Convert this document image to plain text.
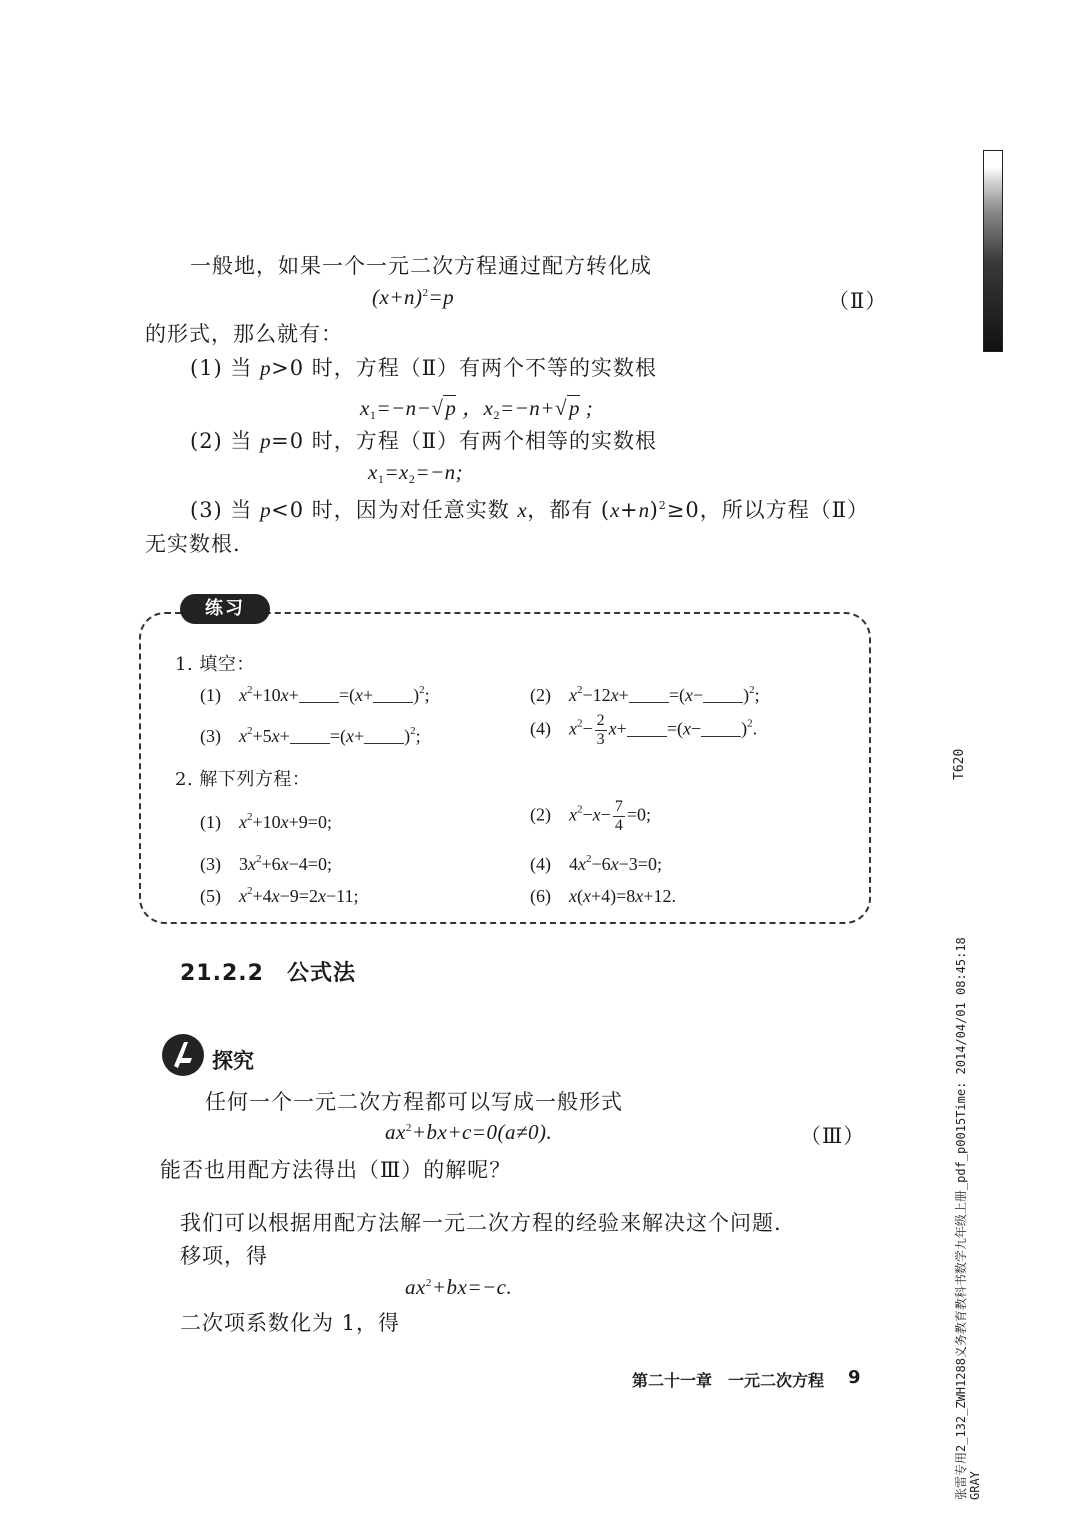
一般地，如果一个一元二次方程通过配方转化成
$(x+n)^2=p$	（Ⅱ）
的形式，那么就有：
(1) 当 p>0 时，方程（Ⅱ）有两个不等的实数根
$x_1=-n-√p$ ，$x_2=-n+√p$ ;
(2) 当 p=0 时，方程（Ⅱ）有两个相等的实数根
$x_1=x_2=-n$;
(3) 当 p<0 时，因为对任意实数 x，都有 $(x+n)^2\ge 0$，所以方程（Ⅱ）
无实数根.
练习
1. 填空：
(1)　$x^2+10x+ =(x+ )^2$;	(2)　$x^2-12x+ =(x- )^2$;
(3)　$x^2+5x+ =(x+ )^2$;	(4)　$x^2- \frac{2}{3} x+ =(x- )^2$.
2. 解下列方程：
(1)　$x^2+10x+9=0$;	(2)　$x^2-x- \frac{7}{4} =0$;
(3)　$3x^2+6x-4=0$;	(4)　$4x^2-6x-3=0$;
(5)　$x^2+4x-9=2x-11$;	(6)　x(x+4)=8x+12.
21.2.2　公式法
探究
任何一个一元二次方程都可以写成一般形式
$ax^2+bx+c=0(a\ne 0)$.	（Ⅲ）
能否也用配方法得出（Ⅲ）的解呢？
我们可以根据用配方法解一元二次方程的经验来解决这个问题.
移项，得
$ax^2+bx=-c$.
二次项系数化为 1，得
第二十一章　一元二次方程 9
T620
张雷专用2_132_ZWH1288义务教育教科书数学九年级上册_pdf_p0015Time: 2014/04/01 08:45:18 GRAY
